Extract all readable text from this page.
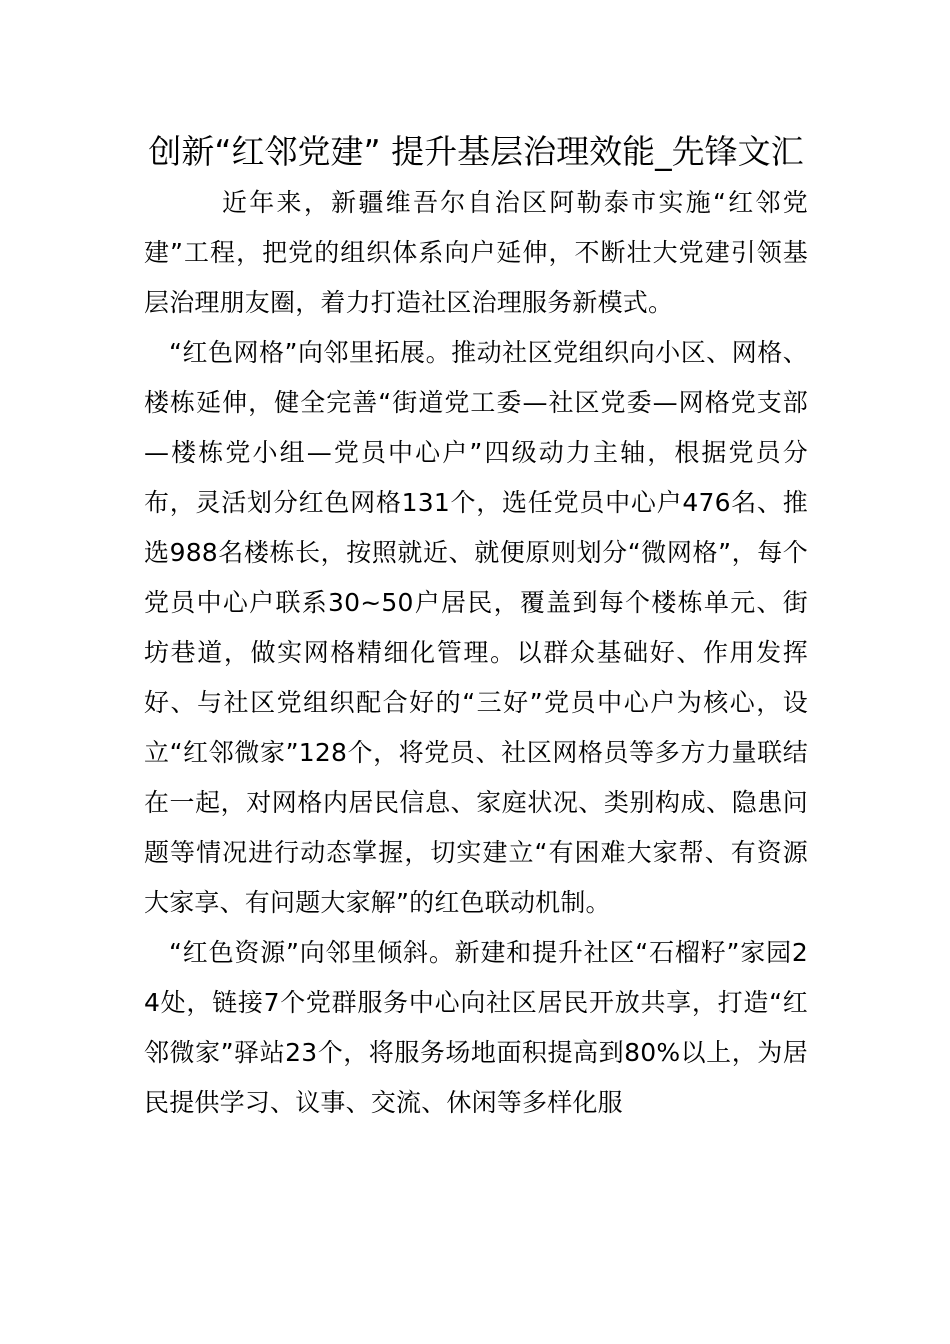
创新“红邻党建” 提升基层治理效能_先锋文汇

近年来，新疆维吾尔自治区阿勒泰市实施“红邻党建”工程，把党的组织体系向户延伸，不断壮大党建引领基层治理朋友圈，着力打造社区治理服务新模式。

“红色网格”向邻里拓展。推动社区党组织向小区、网格、楼栋延伸，健全完善“街道党工委—社区党委—网格党支部—楼栋党小组—党员中心户”四级动力主轴，根据党员分布，灵活划分红色网格131个，选任党员中心户476名、推选988名楼栋长，按照就近、就便原则划分“微网格”，每个党员中心户联系30~50户居民，覆盖到每个楼栋单元、街坊巷道，做实网格精细化管理。以群众基础好、作用发挥好、与社区党组织配合好的“三好”党员中心户为核心，设立“红邻微家”128个，将党员、社区网格员等多方力量联结在一起，对网格内居民信息、家庭状况、类别构成、隐患问题等情况进行动态掌握，切实建立“有困难大家帮、有资源大家享、有问题大家解”的红色联动机制。

“红色资源”向邻里倾斜。新建和提升社区“石榴籽”家园24处，链接7个党群服务中心向社区居民开放共享，打造“红邻微家”驿站23个，将服务场地面积提高到80%以上，为居民提供学习、议事、交流、休闲等多样化服
